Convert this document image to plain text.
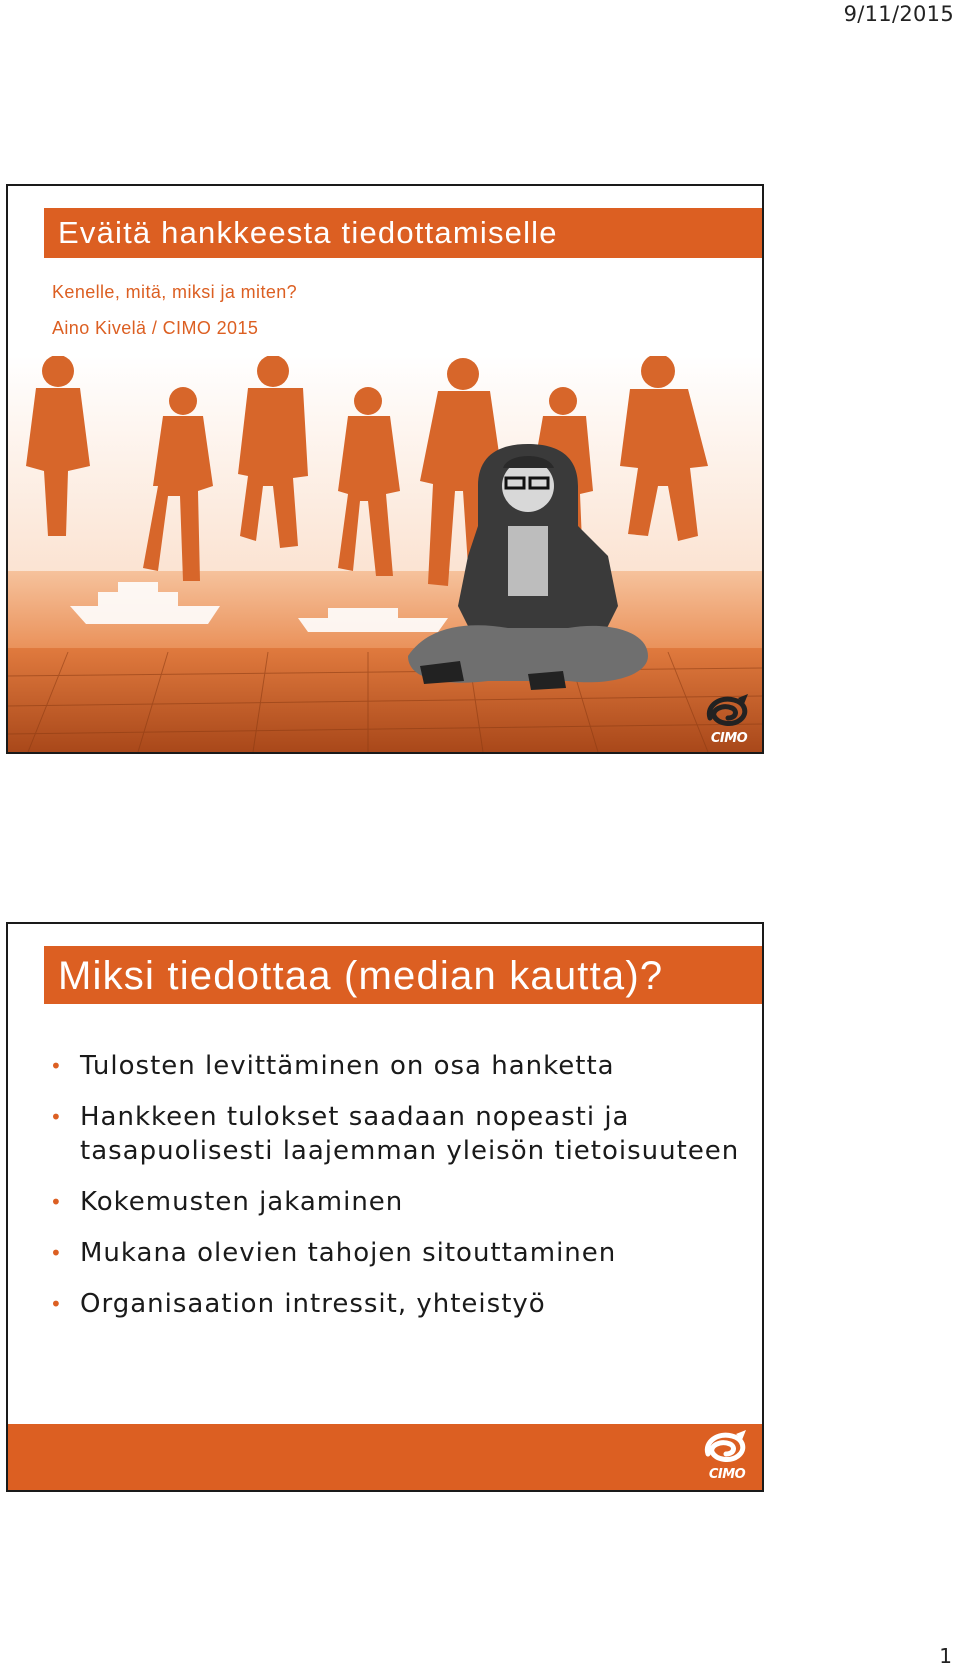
9/11/2015
Eväitä hankkeesta tiedottamiselle
Kenelle, mitä, miksi ja miten?
Aino Kivelä / CIMO 2015
CIMO
Miksi tiedottaa (median kautta)?
• Tulosten levittäminen on osa hanketta
• Hankkeen tulokset saadaan nopeasti ja tasapuolisesti laajemman yleisön tietoisuuteen
• Kokemusten jakaminen
• Mukana olevien tahojen sitouttaminen
• Organisaation intressit, yhteistyö
CIMO
1
